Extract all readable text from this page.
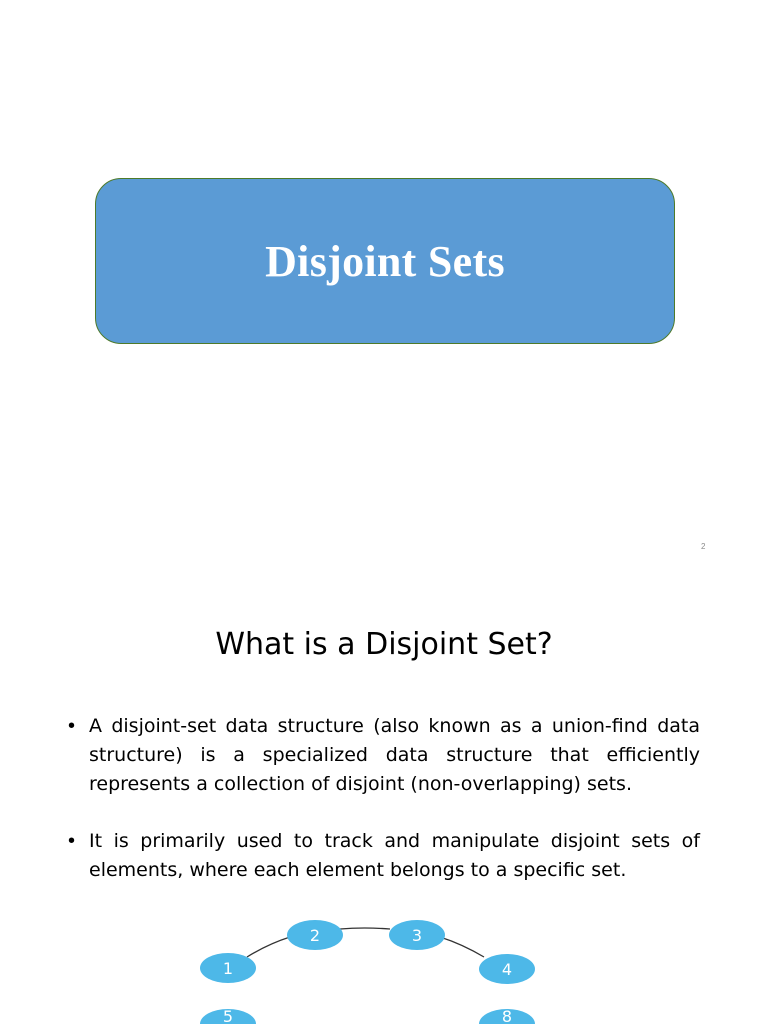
Disjoint Sets
2
What is a Disjoint Set?
• A disjoint-set data structure (also known as a union-find data structure) is a specialized data structure that efficiently represents a collection of disjoint (non-overlapping) sets.
• It is primarily used to track and manipulate disjoint sets of elements, where each element belongs to a specific set.
1
2	3
4
5	8
